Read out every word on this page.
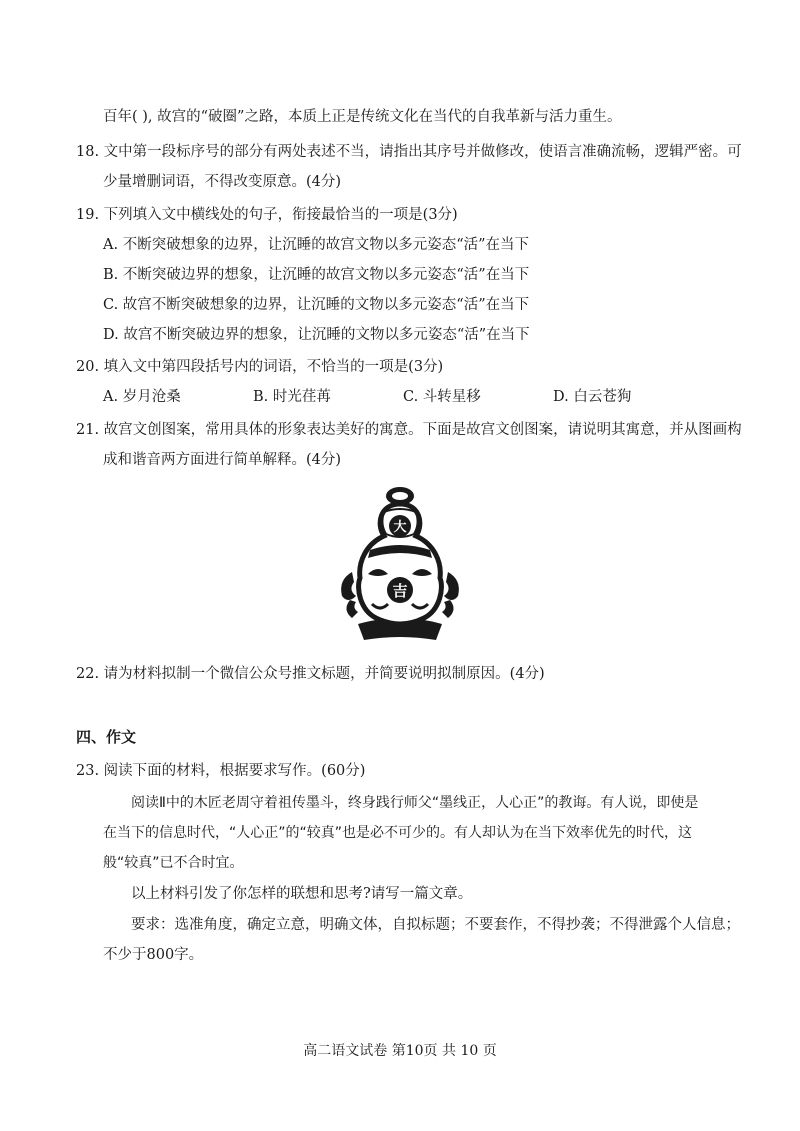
百年( ), 故宫的“破圈”之路，本质上正是传统文化在当代的自我革新与活力重生。
18. 文中第一段标序号的部分有两处表述不当，请指出其序号并做修改，使语言准确流畅，逻辑严密。可
少量增删词语，不得改变原意。(4分)
19. 下列填入文中横线处的句子，衔接最恰当的一项是(3分)
A. 不断突破想象的边界，让沉睡的故宫文物以多元姿态“活”在当下
B. 不断突破边界的想象，让沉睡的故宫文物以多元姿态“活”在当下
C. 故宫不断突破想象的边界，让沉睡的文物以多元姿态“活”在当下
D. 故宫不断突破边界的想象，让沉睡的文物以多元姿态“活”在当下
20. 填入文中第四段括号内的词语，不恰当的一项是(3分)
A. 岁月沧桑	B. 时光荏苒	C. 斗转星移	D. 白云苍狗
21. 故宫文创图案，常用具体的形象表达美好的寓意。下面是故宫文创图案，请说明其寓意，并从图画构
成和谐音两方面进行简单解释。(4分)
大
吉
22. 请为材料拟制一个微信公众号推文标题，并简要说明拟制原因。(4分)
四、作文
23. 阅读下面的材料，根据要求写作。(60分)
阅读Ⅱ中的木匠老周守着祖传墨斗，终身践行师父“墨线正，人心正”的教诲。有人说，即使是
在当下的信息时代，“人心正”的“较真”也是必不可少的。有人却认为在当下效率优先的时代，这
般“较真”已不合时宜。
以上材料引发了你怎样的联想和思考?请写一篇文章。
要求：选准角度，确定立意，明确文体，自拟标题；不要套作，不得抄袭；不得泄露个人信息；
不少于800字。
高二语文试卷 第10页 共 10 页
